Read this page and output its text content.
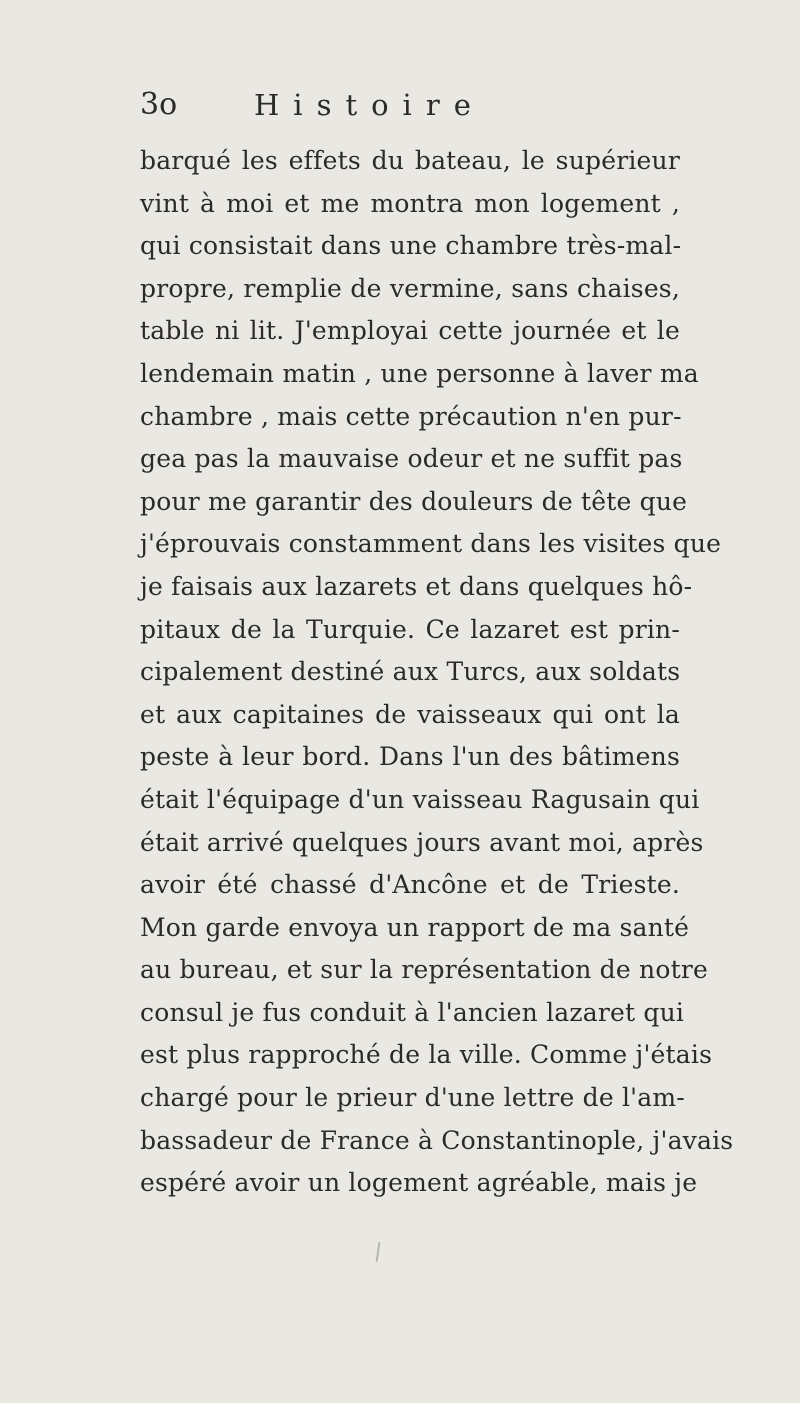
3o	Histoire
barqué les effets du bateau, le supérieur
vint à moi et me montra mon logement ,
qui consistait dans une chambre très-mal-
propre, remplie de vermine, sans chaises,
table ni lit. J'employai cette journée et le
lendemain matin , une personne à laver ma
chambre , mais cette précaution n'en pur-
gea pas la mauvaise odeur et ne suffit pas
pour me garantir des douleurs de tête que
j'éprouvais constamment dans les visites que
je faisais aux lazarets et dans quelques hô-
pitaux de la Turquie. Ce lazaret est prin-
cipalement destiné aux Turcs, aux soldats
et aux capitaines de vaisseaux qui ont la
peste à leur bord. Dans l'un des bâtimens
était l'équipage d'un vaisseau Ragusain qui
était arrivé quelques jours avant moi, après
avoir été chassé d'Ancône et de Trieste.
Mon garde envoya un rapport de ma santé
au bureau, et sur la représentation de notre
consul je fus conduit à l'ancien lazaret qui
est plus rapproché de la ville. Comme j'étais
chargé pour le prieur d'une lettre de l'am-
bassadeur de France à Constantinople, j'avais
espéré avoir un logement agréable, mais je
